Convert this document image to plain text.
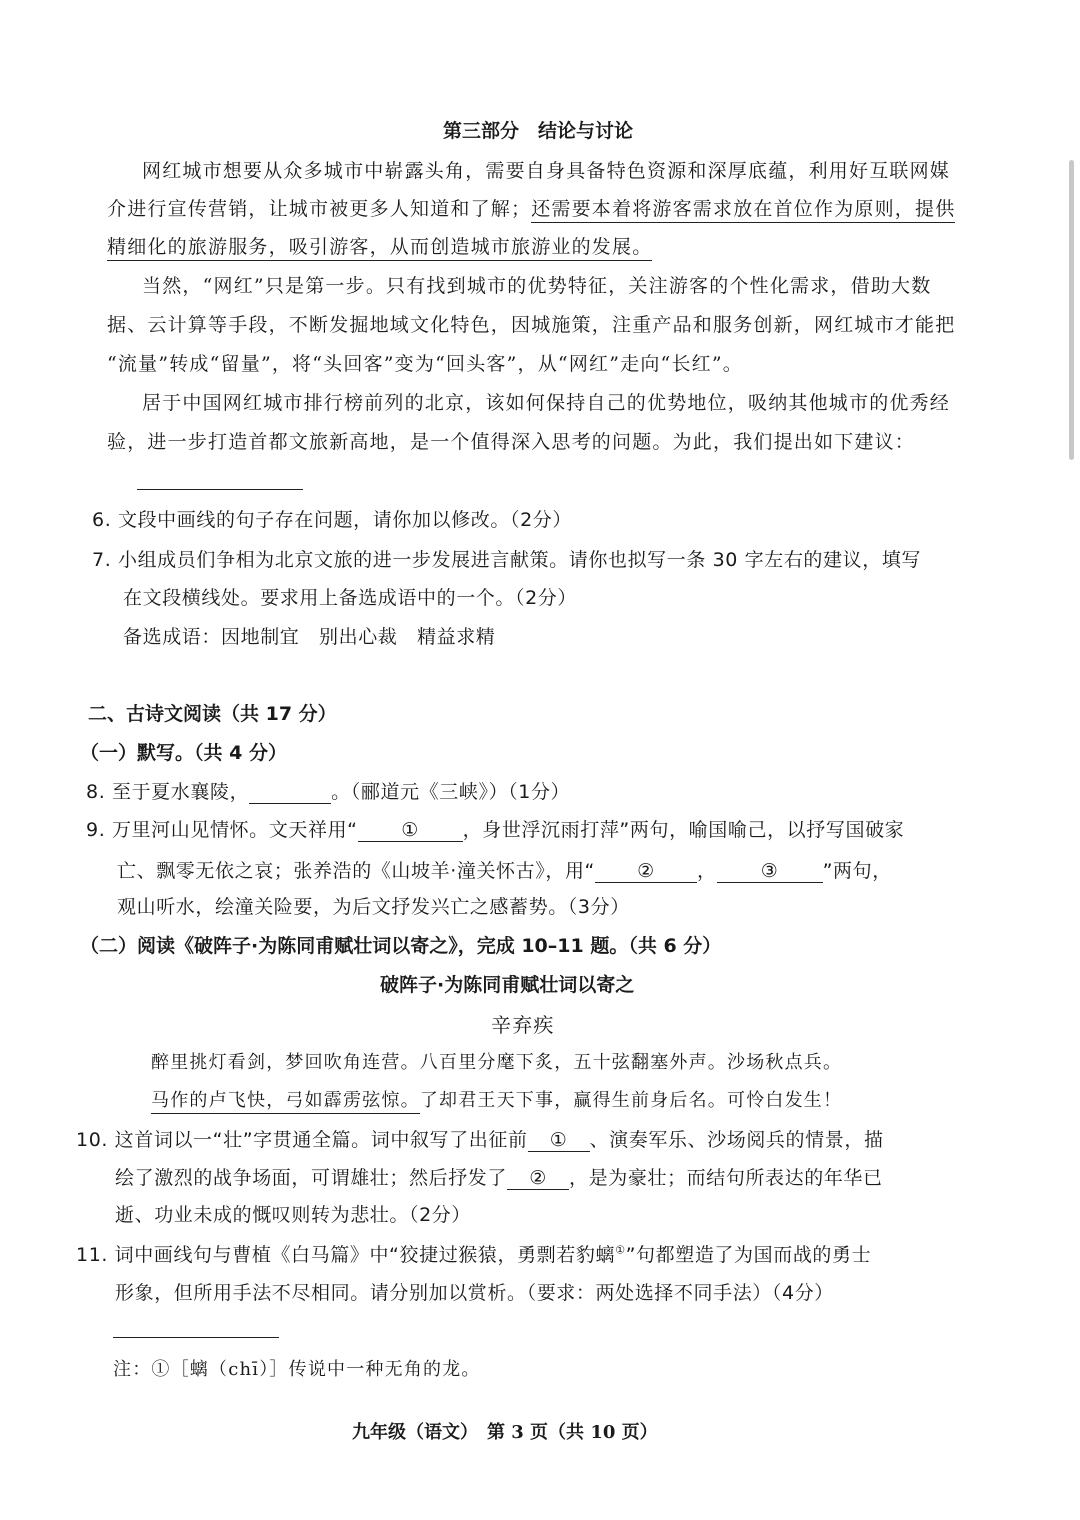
第三部分　结论与讨论
网红城市想要从众多城市中崭露头角，需要自身具备特色资源和深厚底蕴，利用好互联网媒
介进行宣传营销，让城市被更多人知道和了解；还需要本着将游客需求放在首位作为原则，提供
精细化的旅游服务，吸引游客，从而创造城市旅游业的发展。
当然，“网红”只是第一步。只有找到城市的优势特征，关注游客的个性化需求，借助大数
据、云计算等手段，不断发掘地域文化特色，因城施策，注重产品和服务创新，网红城市才能把
“流量”转成“留量”，将“头回客”变为“回头客”，从“网红”走向“长红”。
居于中国网红城市排行榜前列的北京，该如何保持自己的优势地位，吸纳其他城市的优秀经
验，进一步打造首都文旅新高地，是一个值得深入思考的问题。为此，我们提出如下建议：
6. 文段中画线的句子存在问题，请你加以修改。（2分）
7. 小组成员们争相为北京文旅的进一步发展进言献策。请你也拟写一条 30 字左右的建议，填写
在文段横线处。要求用上备选成语中的一个。（2分）
备选成语：因地制宜　别出心裁　精益求精
二、古诗文阅读（共 17 分）
（一）默写。（共 4 分）
8. 至于夏水襄陵，	。（郦道元《三峡》）（1分）
9. 万里河山见情怀。文天祥用“ ① ，身世浮沉雨打萍”两句，喻国喻己，以抒写国破家
亡、飘零无依之哀；张养浩的《山坡羊·潼关怀古》，用“ ② ， ③ ”两句，
观山听水，绘潼关险要，为后文抒发兴亡之感蓄势。（3分）
（二）阅读《破阵子·为陈同甫赋壮词以寄之》，完成 10–11 题。（共 6 分）
破阵子·为陈同甫赋壮词以寄之
辛弃疾
醉里挑灯看剑，梦回吹角连营。八百里分麾下炙，五十弦翻塞外声。沙场秋点兵。
马作的卢飞快，弓如霹雳弦惊。了却君王天下事，赢得生前身后名。可怜白发生！
10. 这首词以一“壮”字贯通全篇。词中叙写了出征前 ① 、演奏军乐、沙场阅兵的情景，描
绘了激烈的战争场面，可谓雄壮；然后抒发了 ② ，是为豪壮；而结句所表达的年华已
逝、功业未成的慨叹则转为悲壮。（2分）
11. 词中画线句与曹植《白马篇》中“狡捷过猴猿，勇剽若豹螭①”句都塑造了为国而战的勇士
形象，但所用手法不尽相同。请分别加以赏析。（要求：两处选择不同手法）（4分）
注：①［螭（chī）］传说中一种无角的龙。
九年级（语文）　第 3 页（共 10 页）
